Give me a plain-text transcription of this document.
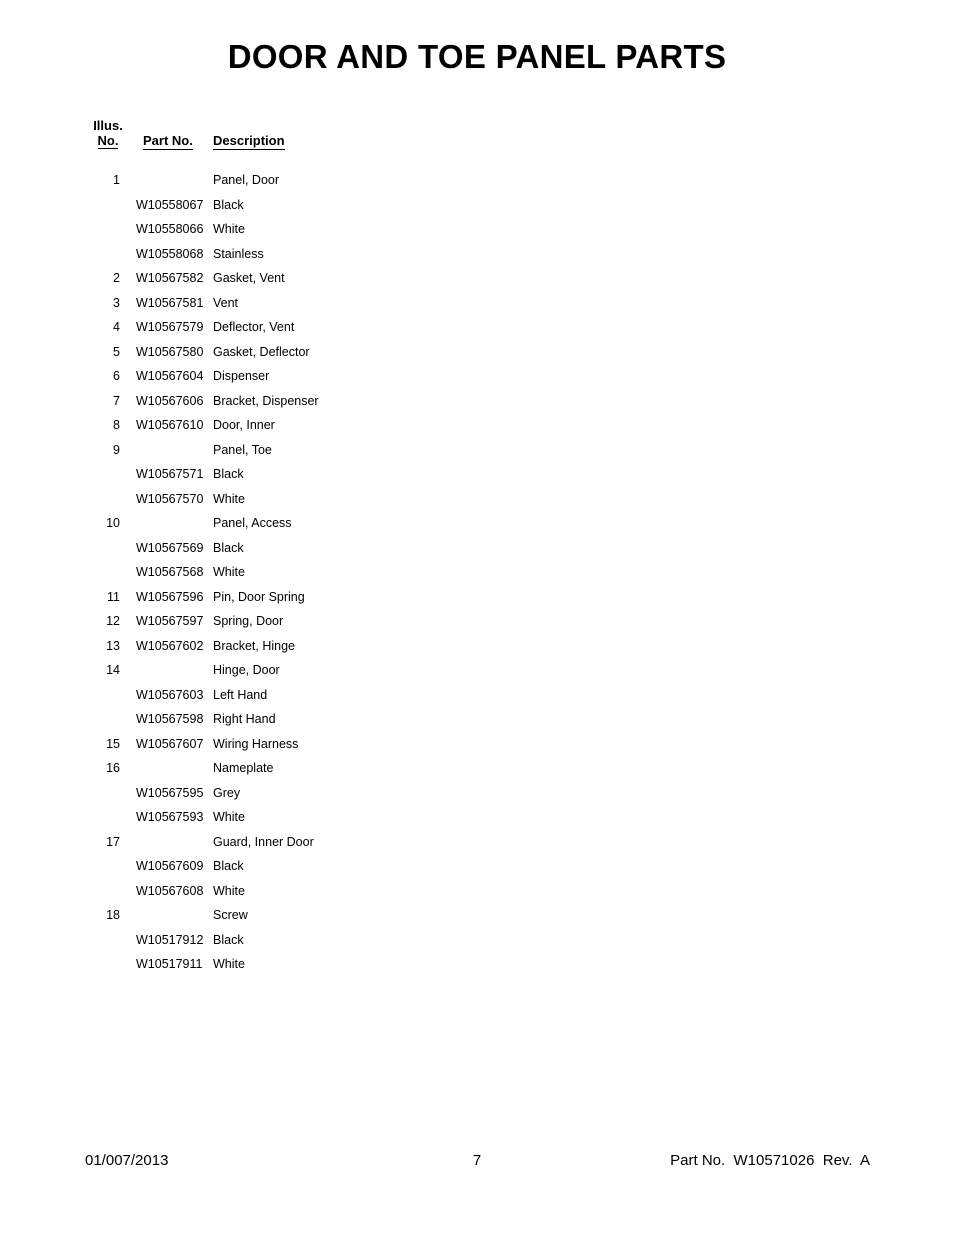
DOOR AND TOE PANEL PARTS
Illus.
No.	Part No. Description
1	Panel, Door
W10558067 Black
W10558066 White
W10558068 Stainless
2 W10567582 Gasket, Vent
3 W10567581 Vent
4 W10567579 Deflector, Vent
5 W10567580 Gasket, Deflector
6 W10567604 Dispenser
7 W10567606 Bracket, Dispenser
8 W10567610 Door, Inner
9	Panel, Toe
W10567571 Black
W10567570 White
10	Panel, Access
W10567569 Black
W10567568 White
11 W10567596 Pin, Door Spring
12 W10567597 Spring, Door
13 W10567602 Bracket, Hinge
14	Hinge, Door
W10567603 Left Hand
W10567598 Right Hand
15 W10567607 Wiring Harness
16	Nameplate
W10567595 Grey
W10567593 White
17	Guard, Inner Door
W10567609 Black
W10567608 White
18	Screw
W10517912 Black
W10517911 White
01/007/2013	7	Part No.  W10571026  Rev.  A
